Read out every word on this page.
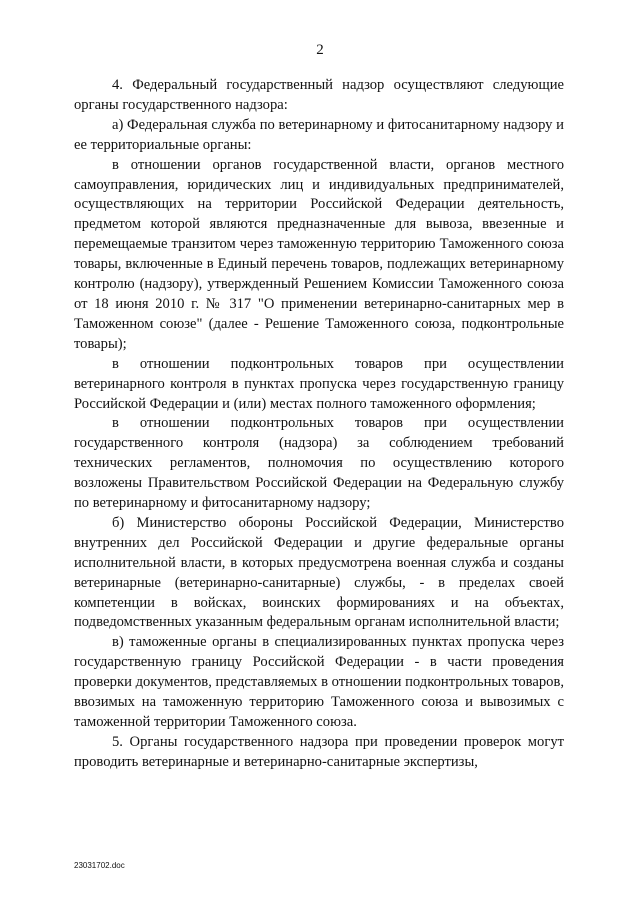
2

4. Федеральный государственный надзор осуществляют следующие органы государственного надзора:

а) Федеральная служба по ветеринарному и фитосанитарному надзору и ее территориальные органы:

в отношении органов государственной власти, органов местного самоуправления, юридических лиц и индивидуальных предпринимателей, осуществляющих на территории Российской Федерации деятельность, предметом которой являются предназначенные для вывоза, ввезенные и перемещаемые транзитом через таможенную территорию Таможенного союза товары, включенные в Единый перечень товаров, подлежащих ветеринарному контролю (надзору), утвержденный Решением Комиссии Таможенного союза от 18 июня 2010 г. № 317 "О применении ветеринарно-санитарных мер в Таможенном союзе" (далее - Решение Таможенного союза, подконтрольные товары);

в отношении подконтрольных товаров при осуществлении ветеринарного контроля в пунктах пропуска через государственную границу Российской Федерации и (или) местах полного таможенного оформления;

в отношении подконтрольных товаров при осуществлении государственного контроля (надзора) за соблюдением требований технических регламентов, полномочия по осуществлению которого возложены Правительством Российской Федерации на Федеральную службу по ветеринарному и фитосанитарному надзору;

б) Министерство обороны Российской Федерации, Министерство внутренних дел Российской Федерации и другие федеральные органы исполнительной власти, в которых предусмотрена военная служба и созданы ветеринарные (ветеринарно-санитарные) службы, - в пределах своей компетенции в войсках, воинских формированиях и на объектах, подведомственных указанным федеральным органам исполнительной власти;

в) таможенные органы в специализированных пунктах пропуска через государственную границу Российской Федерации - в части проведения проверки документов, представляемых в отношении подконтрольных товаров, ввозимых на таможенную территорию Таможенного союза и вывозимых с таможенной территории Таможенного союза.

5. Органы государственного надзора при проведении проверок могут проводить ветеринарные и ветеринарно-санитарные экспертизы,

23031702.doc
